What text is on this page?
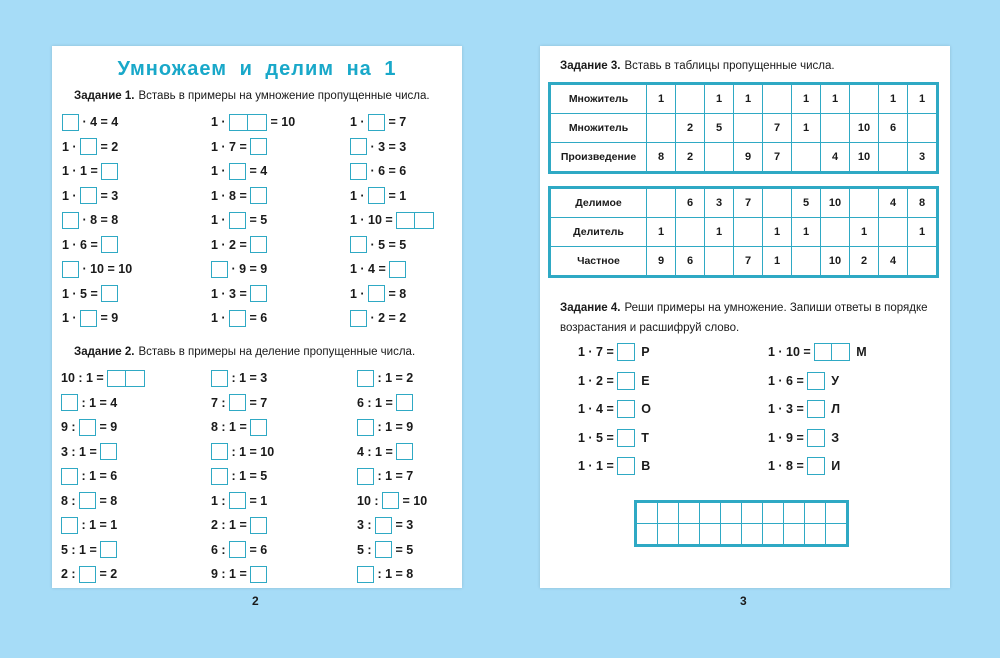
Умножаем и делим на 1
Задание 1. Вставь в примеры на умножение пропущенные числа.
· 4 = 4
1 · = 2
1 · 1 =
1 · = 3
· 8 = 8
1 · 6 =
· 10 = 10
1 · 5 =
1 · = 9
1 ·	= 10
1 · 7 =
1 · = 4
1 · 8 =
1 · = 5
1 · 2 =
· 9 = 9
1 · 3 =
1 · = 6
1 · = 7
· 3 = 3
· 6 = 6
1 · = 1
1 · 10 =
· 5 = 5
1 · 4 =
1 · = 8
· 2 = 2
Задание 2. Вставь в примеры на деление пропущенные числа.
10 : 1 =
: 1 = 4
9 : = 9
3 : 1 =
: 1 = 6
8 : = 8
: 1 = 1
5 : 1 =
2 : = 2
: 1 = 3
7 : = 7
8 : 1 =
: 1 = 10
: 1 = 5
1 : = 1
2 : 1 =
6 : = 6
9 : 1 =
: 1 = 2
6 : 1 =
: 1 = 9
4 : 1 =
: 1 = 7
10 : = 10
3 : = 3
5 : = 5
: 1 = 8
2
Задание 3. Вставь в таблицы пропущенные числа.
Множитель	1		1	1		1	1		1	1
Множитель		2	5		7	1		10	6	
Произведение	8	2		9	7		4	10		3
Делимое		6	3	7		5	10		4	8
Делитель	1		1		1	1		1		1
Частное	9	6		7	1		10	2	4	
Задание 4. Реши примеры на умножение. Запиши ответы в порядке возрастания и расшифруй слово.
1 · 7 = Р
1 · 2 = Е
1 · 4 = О
1 · 5 = Т
1 · 1 = В
1 · 10 =	М
1 · 6 = У
1 · 3 = Л
1 · 9 = З
1 · 8 = И

3
